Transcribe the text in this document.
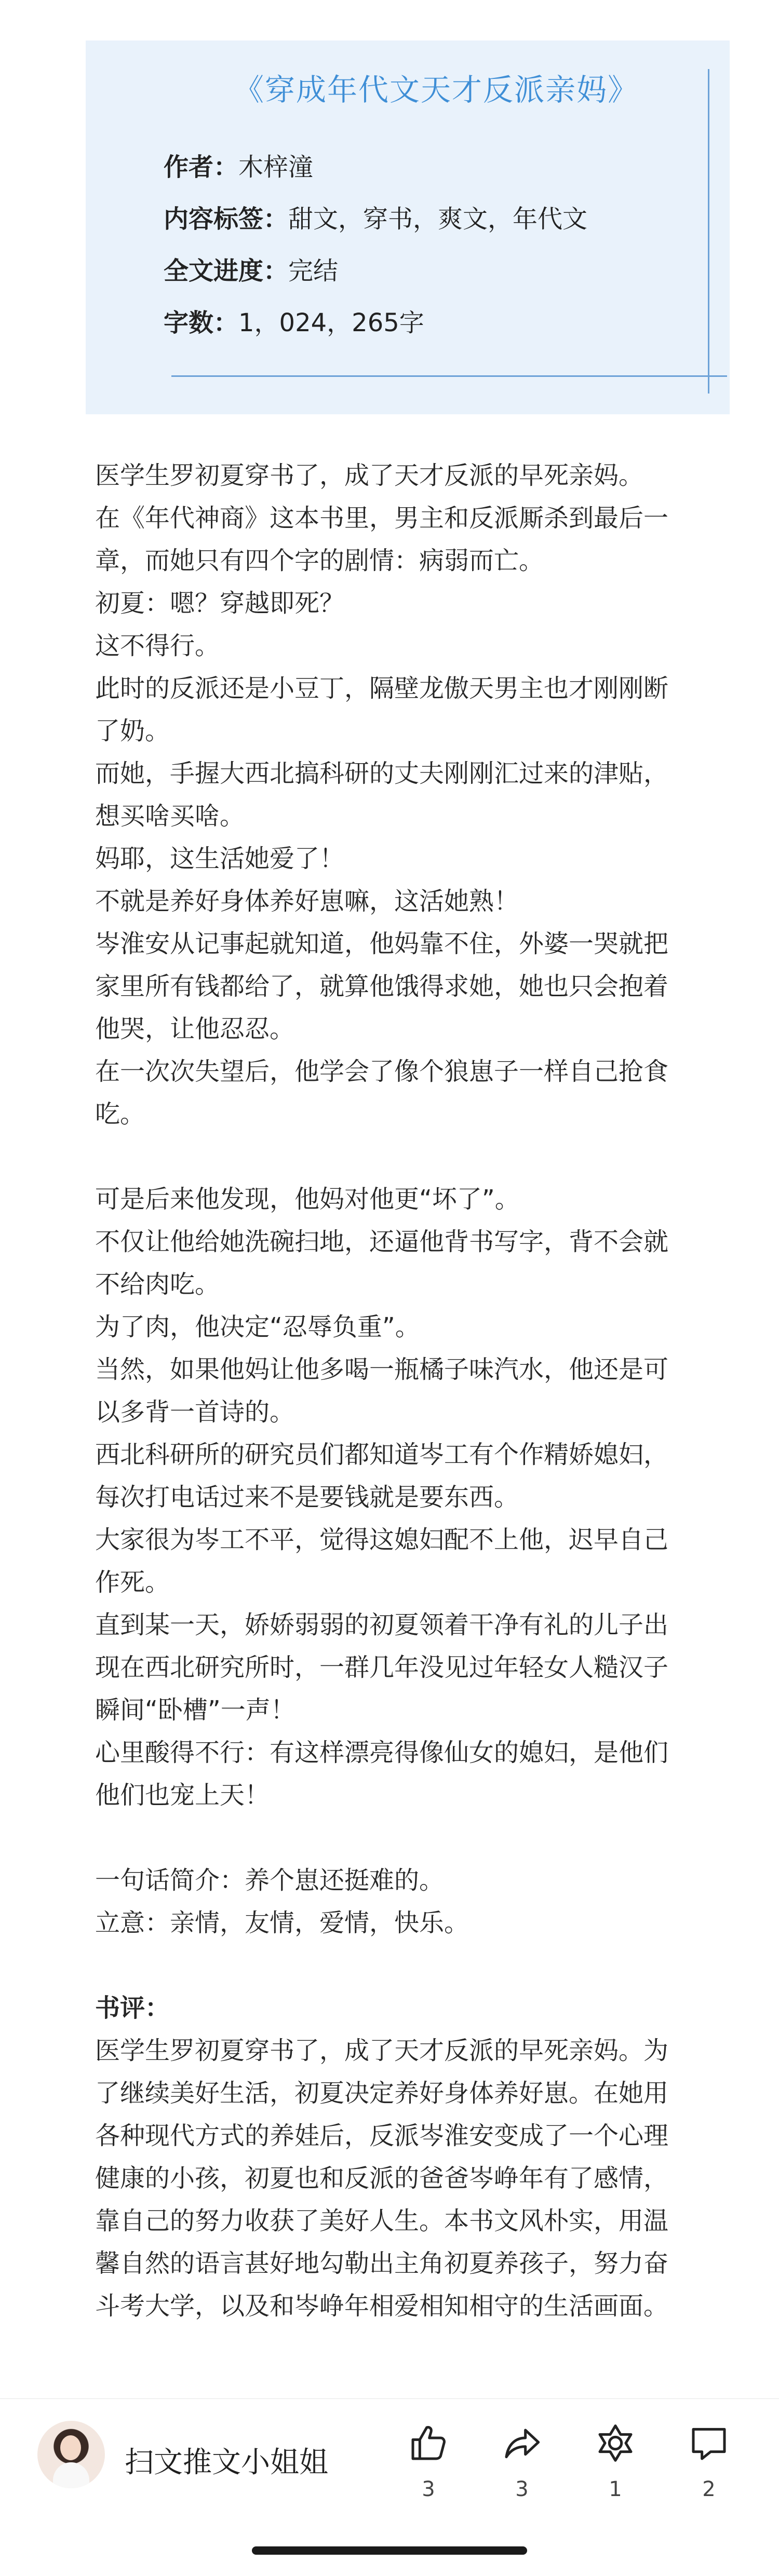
《穿成年代文天才反派亲妈》
作者：木梓潼
内容标签：甜文，穿书，爽文，年代文
全文进度：完结
字数：1，024，265字

医学生罗初夏穿书了，成了天才反派的早死亲妈。

在《年代神商》这本书里，男主和反派厮杀到最后一章，而她只有四个字的剧情：病弱而亡。

初夏：嗯？穿越即死？

这不得行。

此时的反派还是小豆丁，隔壁龙傲天男主也才刚刚断了奶。

而她，手握大西北搞科研的丈夫刚刚汇过来的津贴，想买啥买啥。

妈耶，这生活她爱了！

不就是养好身体养好崽嘛，这活她熟！

岑淮安从记事起就知道，他妈靠不住，外婆一哭就把家里所有钱都给了，就算他饿得求她，她也只会抱着他哭，让他忍忍。

在一次次失望后，他学会了像个狼崽子一样自己抢食吃。

可是后来他发现，他妈对他更“坏了”。

不仅让他给她洗碗扫地，还逼他背书写字，背不会就不给肉吃。

为了肉，他决定“忍辱负重”。

当然，如果他妈让他多喝一瓶橘子味汽水，他还是可以多背一首诗的。

西北科研所的研究员们都知道岑工有个作精娇媳妇，每次打电话过来不是要钱就是要东西。

大家很为岑工不平，觉得这媳妇配不上他，迟早自己作死。

直到某一天，娇娇弱弱的初夏领着干净有礼的儿子出现在西北研究所时，一群几年没见过年轻女人糙汉子瞬间“卧槽”一声！

心里酸得不行：有这样漂亮得像仙女的媳妇，是他们他们也宠上天！

一句话简介：养个崽还挺难的。

立意：亲情，友情，爱情，快乐。

书评：

医学生罗初夏穿书了，成了天才反派的早死亲妈。为了继续美好生活，初夏决定养好身体养好崽。在她用各种现代方式的养娃后，反派岑淮安变成了一个心理健康的小孩，初夏也和反派的爸爸岑峥年有了感情，靠自己的努力收获了美好人生。本书文风朴实，用温馨自然的语言甚好地勾勒出主角初夏养孩子，努力奋斗考大学，以及和岑峥年相爱相知相守的生活画面。

扫文推文小姐姐
3	3	1	2
